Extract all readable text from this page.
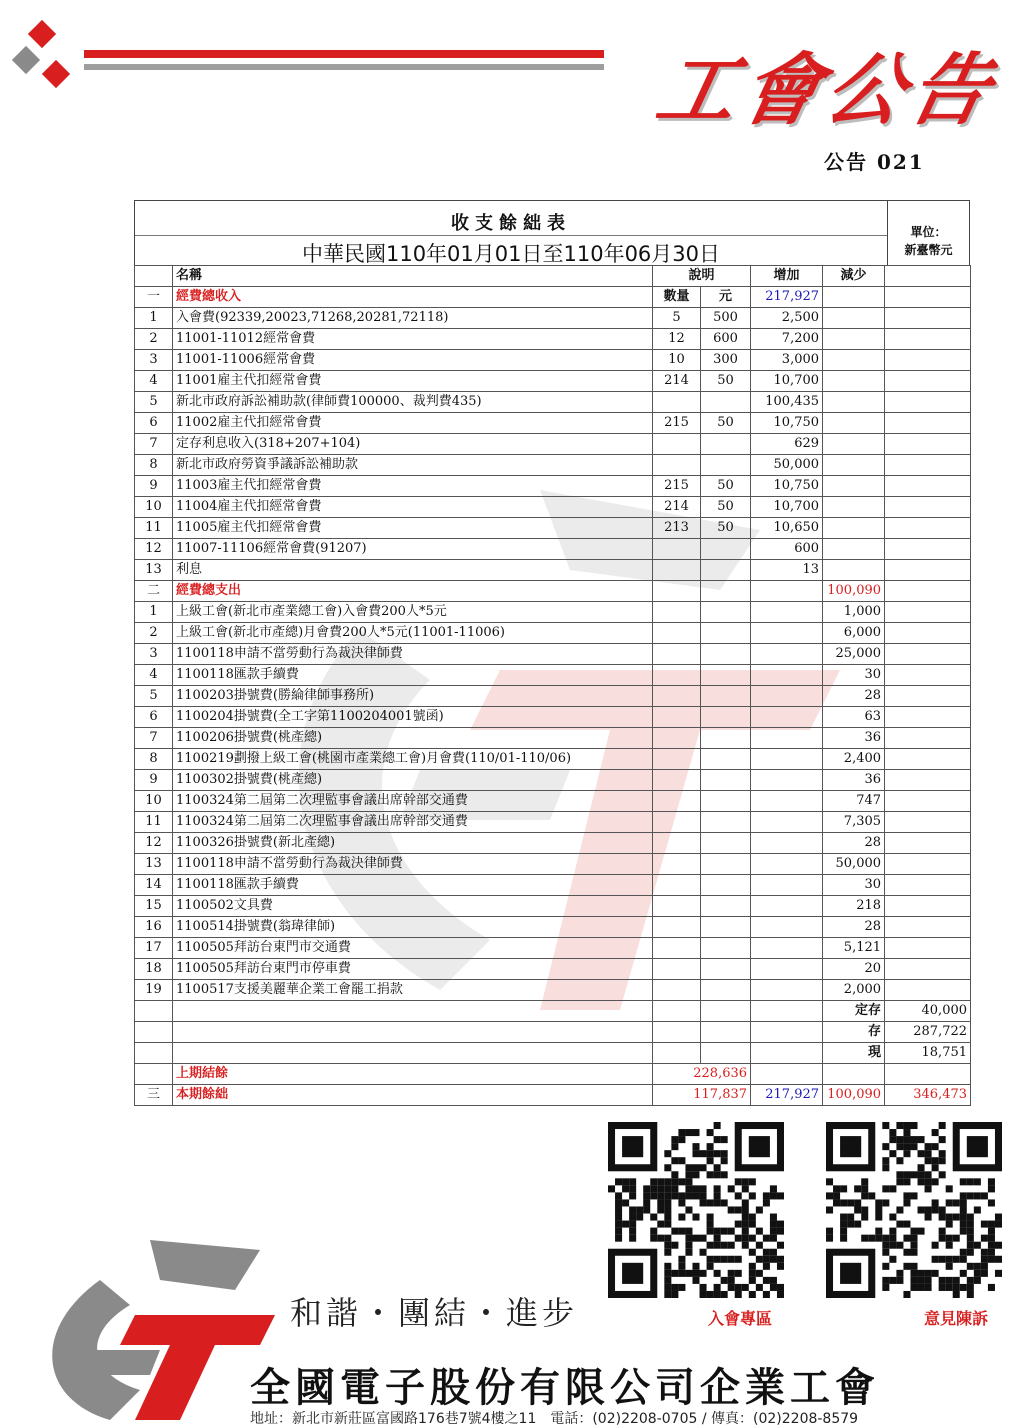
工會公告
公告 021
收支餘絀表
中華民國110年01月01日至110年06月30日
單位：
新臺幣元
	名稱	說明		增加	減少	
一	經費總收入	數量	元	217,927		
1	入會費(92339,20023,71268,20281,72118)	5	500	2,500		
2	11001-11012經常會費	12	600	7,200		
3	11001-11006經常會費	10	300	3,000		
4	11001雇主代扣經常會費	214	50	10,700		
5	新北市政府訴訟補助款(律師費100000、裁判費435)			100,435		
6	11002雇主代扣經常會費	215	50	10,750		
7	定存利息收入(318+207+104)			629		
8	新北市政府勞資爭議訴訟補助款			50,000		
9	11003雇主代扣經常會費	215	50	10,750		
10	11004雇主代扣經常會費	214	50	10,700		
11	11005雇主代扣經常會費	213	50	10,650		
12	11007-11106經常會費(91207)			600		
13	利息			13		
二	經費總支出				100,090	
1	上級工會(新北市產業總工會)入會費200人*5元				1,000	
2	上級工會(新北市產總)月會費200人*5元(11001-11006)				6,000	
3	1100118申請不當勞動行為裁決律師費				25,000	
4	1100118匯款手續費				30	
5	1100203掛號費(勝綸律師事務所)				28	
6	1100204掛號費(全工字第1100204001號函)				63	
7	1100206掛號費(桃產總)				36	
8	1100219劃撥上級工會(桃園市產業總工會)月會費(110/01-110/06)				2,400	
9	1100302掛號費(桃產總)				36	
10	1100324第二屆第二次理監事會議出席幹部交通費				747	
11	1100324第二屆第二次理監事會議出席幹部交通費				7,305	
12	1100326掛號費(新北產總)				28	
13	1100118申請不當勞動行為裁決律師費				50,000	
14	1100118匯款手續費				30	
15	1100502文具費				218	
16	1100514掛號費(翁瑋律師)				28	
17	1100505拜訪台東門市交通費				5,121	
18	1100505拜訪台東門市停車費				20	
19	1100517支援美麗華企業工會罷工捐款				2,000	
					定存	40,000
					存	287,722
					現	18,751
	上期結餘	228,636				
三	本期餘絀	117,837		217,927	100,090	346,473
入會專區	意見陳訴
和諧・團結・進步
全國電子股份有限公司企業工會
地址：新北市新莊區富國路176巷7號4樓之11　電話：(02)2208-0705 / 傳真：(02)2208-8579
